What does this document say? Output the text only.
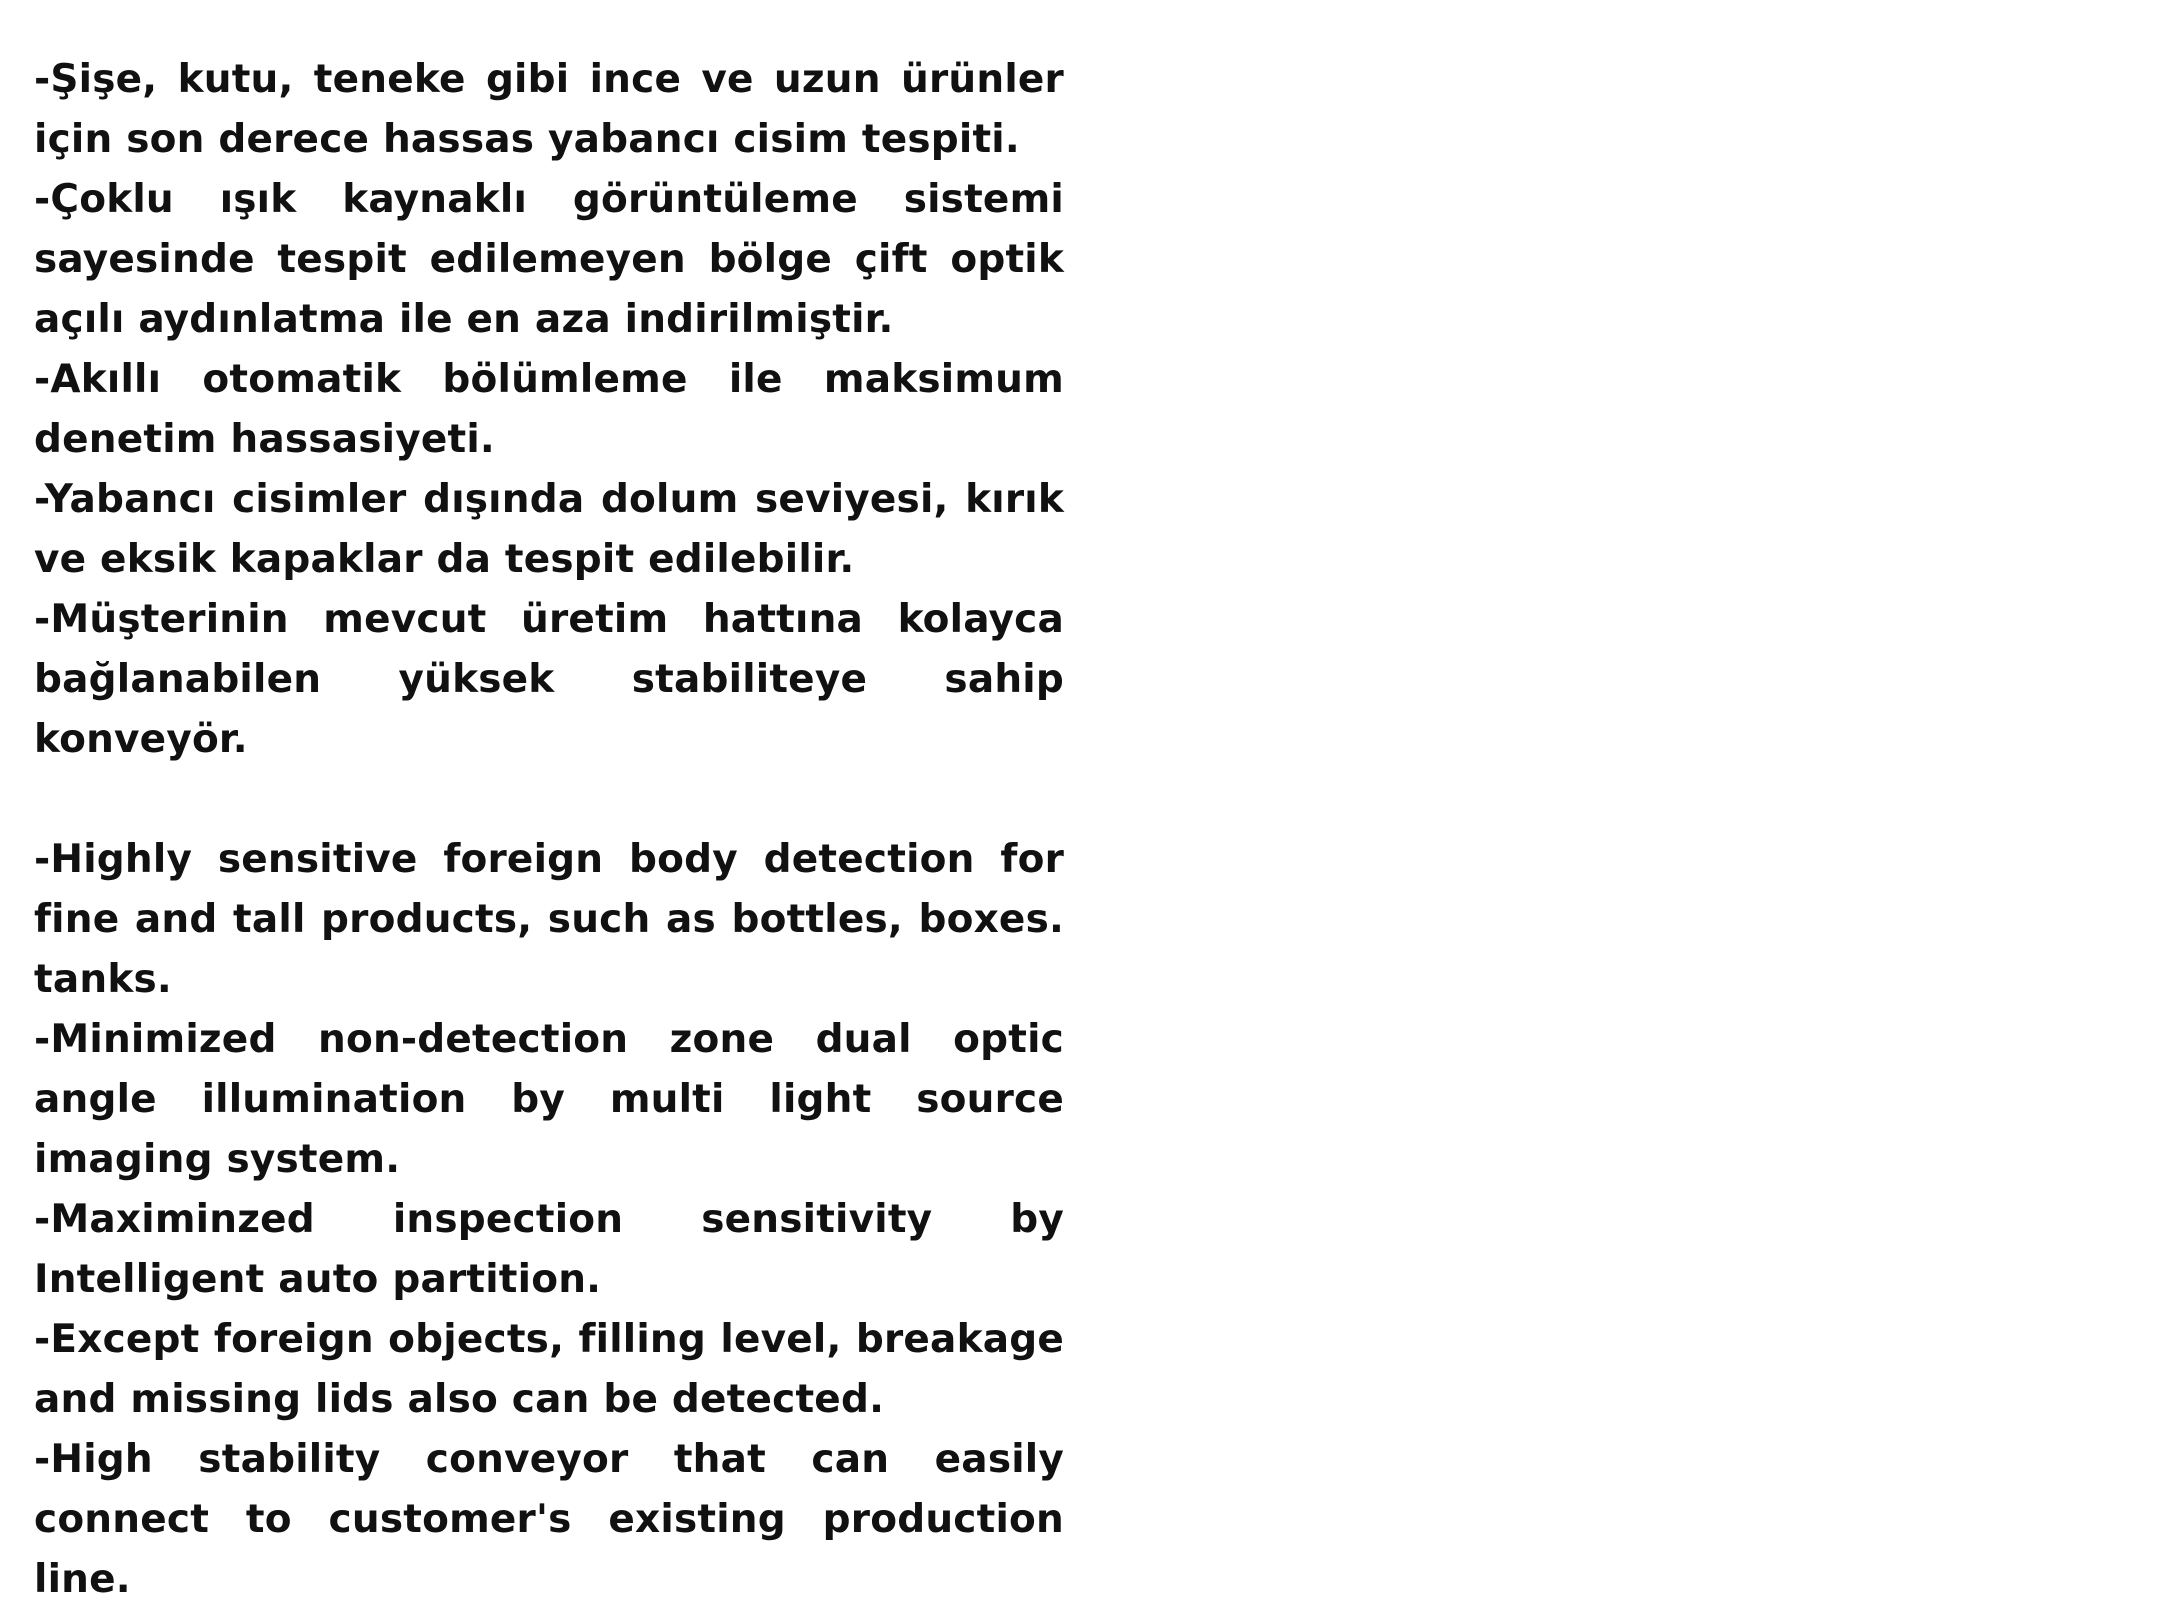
-Şişe, kutu, teneke gibi ince ve uzun ürünler için son derece hassas yabancı cisim tespiti.

-Çoklu ışık kaynaklı görüntüleme sistemi sayesinde tespit edilemeyen bölge çift optik açılı aydınlatma ile en aza indirilmiştir.

-Akıllı otomatik bölümleme ile maksimum denetim hassasiyeti.

-Yabancı cisimler dışında dolum seviyesi, kırık ve eksik kapaklar da tespit edilebilir.

-Müşterinin mevcut üretim hattına kolayca bağlanabilen yüksek stabiliteye sahip konveyör.

-Highly sensitive foreign body detection for fine and tall products, such as bottles, boxes. tanks.

-Minimized non-detection zone dual optic angle illumination by multi light source imaging system.

-Maximinzed inspection sensitivity by Intelligent auto partition.

-Except foreign objects, filling level, breakage and missing lids also can be detected.

-High stability conveyor that can easily connect to customer's existing production line.
